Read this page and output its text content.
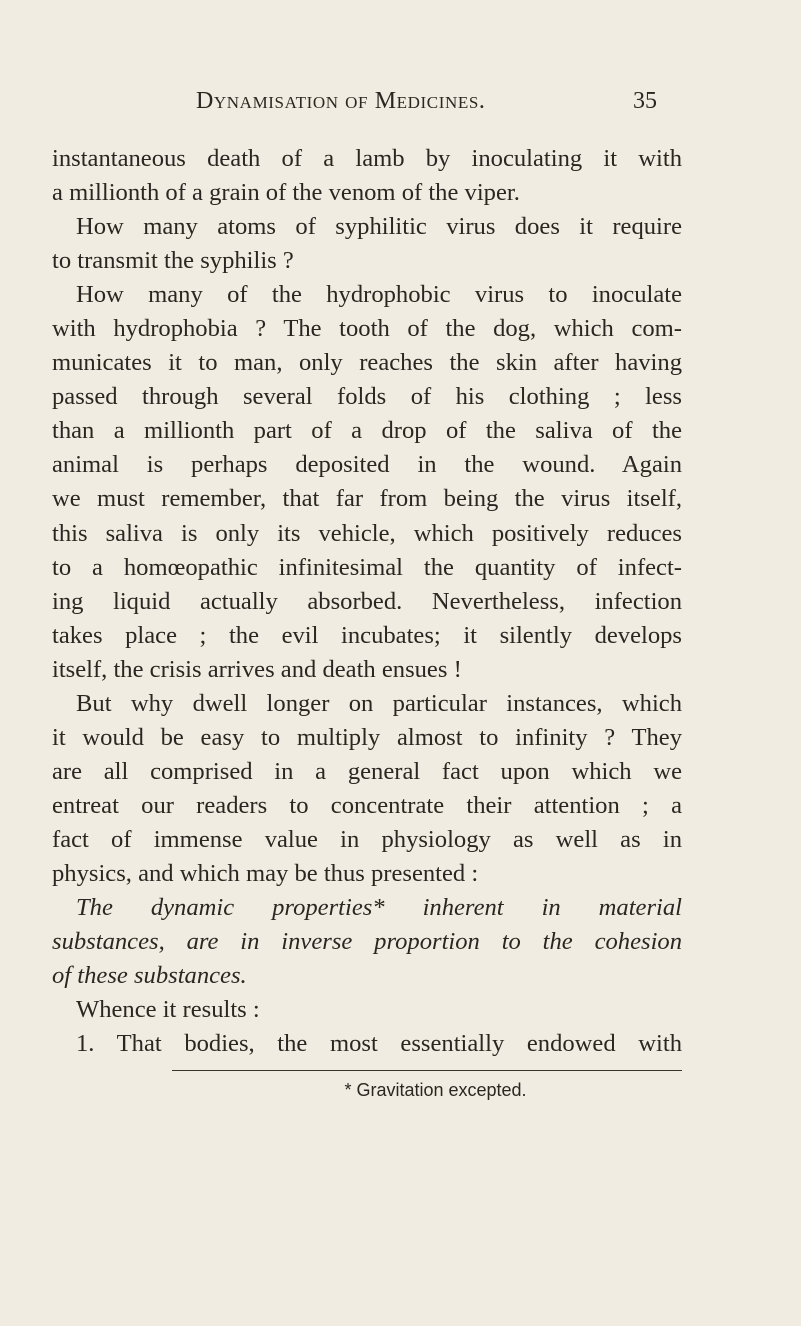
Dynamisation of Medicines.	35
instantaneous death of a lamb by inoculating it with
a millionth of a grain of the venom of the viper.
How many atoms of syphilitic virus does it require
to transmit the syphilis ?
How many of the hydrophobic virus to inoculate
with hydrophobia ? The tooth of the dog, which com-
municates it to man, only reaches the skin after having
passed through several folds of his clothing ; less
than a millionth part of a drop of the saliva of the
animal is perhaps deposited in the wound. Again
we must remember, that far from being the virus itself,
this saliva is only its vehicle, which positively reduces
to a homœopathic infinitesimal the quantity of infect-
ing liquid actually absorbed. Nevertheless, infection
takes place ; the evil incubates; it silently develops
itself, the crisis arrives and death ensues !
But why dwell longer on particular instances, which
it would be easy to multiply almost to infinity ? They
are all comprised in a general fact upon which we
entreat our readers to concentrate their attention ; a
fact of immense value in physiology as well as in
physics, and which may be thus presented :
The dynamic properties* inherent in material
substances, are in inverse proportion to the cohesion
of these substances.
Whence it results :
1. That bodies, the most essentially endowed with
* Gravitation excepted.
